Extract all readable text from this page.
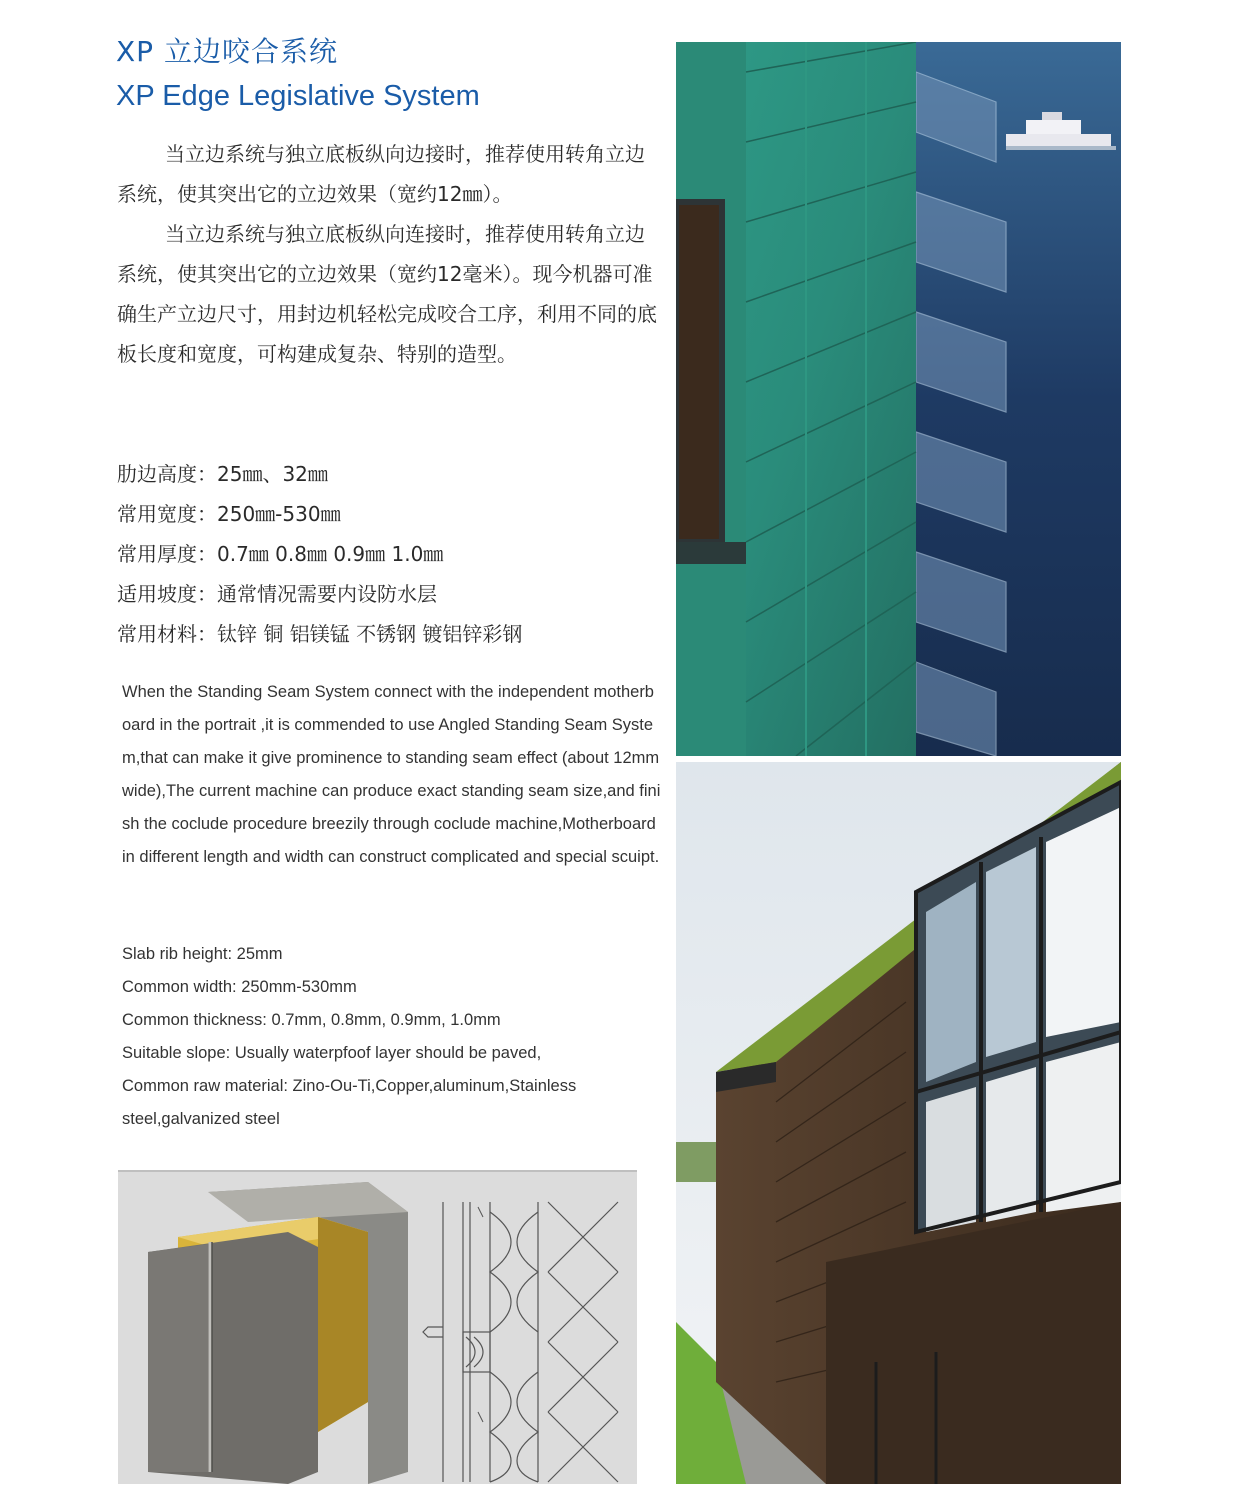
XP 立边咬合系统
XP Edge Legislative System

当立边系统与独立底板纵向边接时，推荐使用转角立边系统，使其突出它的立边效果（宽约12㎜）。

当立边系统与独立底板纵向连接时，推荐使用转角立边系统，使其突出它的立边效果（宽约12毫米）。现今机器可准确生产立边尺寸，用封边机轻松完成咬合工序，利用不同的底板长度和宽度，可构建成复杂、特别的造型。

肋边高度：25㎜、32㎜
常用宽度：250㎜-530㎜
常用厚度：0.7㎜ 0.8㎜ 0.9㎜ 1.0㎜
适用坡度：通常情况需要内设防水层
常用材料：钛锌 铜 铝镁锰 不锈钢 镀铝锌彩钢
When the Standing Seam System connect with the independent motherboard in the portrait ,it is commended to use Angled Standing Seam System,that can make it give prominence to standing seam effect (about 12mm wide),The current machine can produce exact standing seam size,and finish the coclude procedure breezily through coclude machine,Motherboard in different length and width can construct complicated and special scuipt.
Slab rib height: 25mm
Common width: 250mm-530mm
Common thickness: 0.7mm, 0.8mm, 0.9mm, 1.0mm
Suitable slope: Usually waterpfoof layer should be paved,
Common raw material: Zino-Ou-Ti,Copper,aluminum,Stainless steel,galvanized steel
